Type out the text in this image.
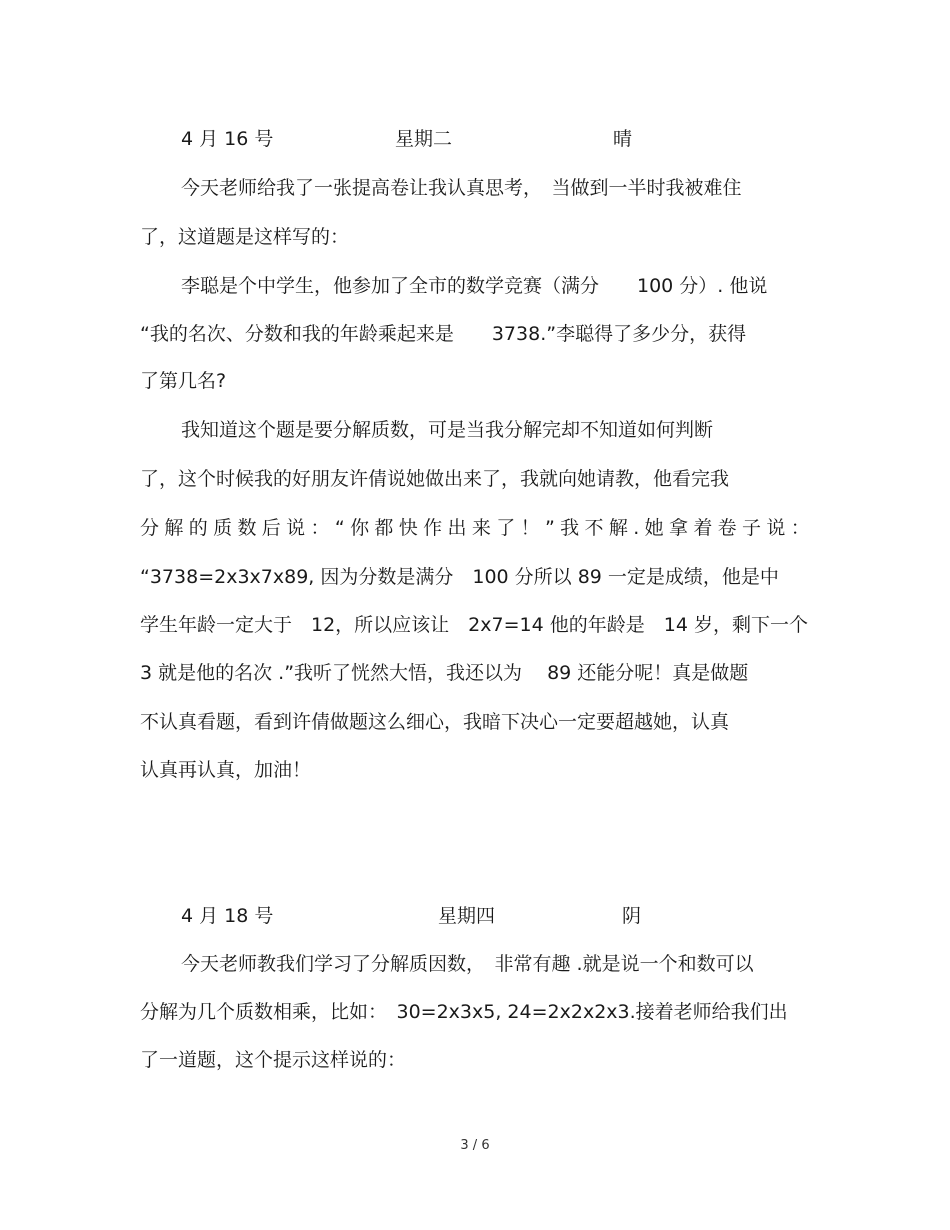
4 月 16 号	星期二	晴
今天老师给我了一张提高卷让我认真思考，　当做到一半时我被难住
了，这道题是这样写的：
李聪是个中学生，他参加了全市的数学竞赛（满分　　100 分）. 他说
“我的名次、分数和我的年龄乘起来是　　3738.”李聪得了多少分，获得
了第几名?
我知道这个题是要分解质数，可是当我分解完却不知道如何判断
了，这个时候我的好朋友许倩说她做出来了，我就向她请教，他看完我
分 解 的 质 数 后 说 ： “ 你 都 快 作 出 来 了 ！ ” 我 不 解 . 她 拿 着 卷 子 说 ：
“3738=2x3x7x89, 因为分数是满分　100 分所以 89 一定是成绩，他是中
学生年龄一定大于　12，所以应该让　2x7=14 他的年龄是　14 岁，剩下一个
3 就是他的名次 .”我听了恍然大悟，我还以为　 89 还能分呢！真是做题
不认真看题，看到许倩做题这么细心，我暗下决心一定要超越她，认真
认真再认真，加油！
4 月 18 号	星期四	阴
今天老师教我们学习了分解质因数，　非常有趣 .就是说一个和数可以
分解为几个质数相乘，比如：　30=2x3x5, 24=2x2x2x3.接着老师给我们出
了一道题，这个提示这样说的：
3 / 6
